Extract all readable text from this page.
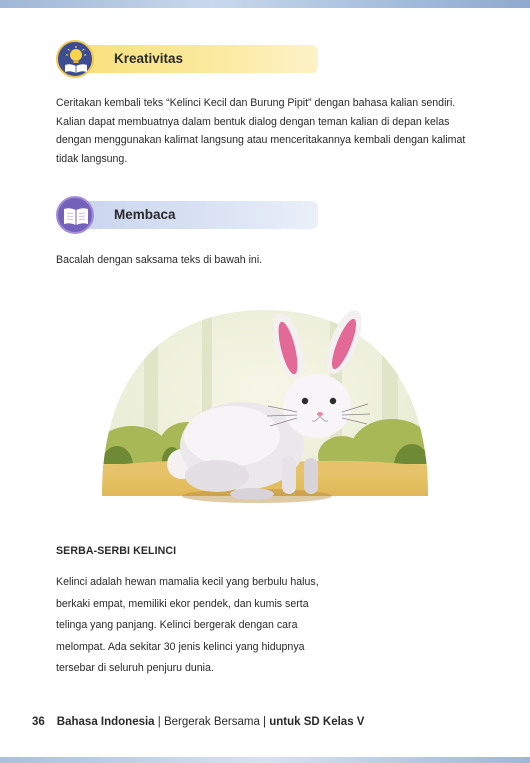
Kreativitas

Ceritakan kembali teks “Kelinci Kecil dan Burung Pipit” dengan bahasa kalian sendiri. Kalian dapat membuatnya dalam bentuk dialog dengan teman kalian di depan kelas dengan menggunakan kalimat langsung atau menceritakannya kembali dengan kalimat tidak langsung.

Membaca

Bacalah dengan saksama teks di bawah ini.

SERBA-SERBI KELINCI

Kelinci adalah hewan mamalia kecil yang berbulu halus, berkaki empat, memiliki ekor pendek, dan kumis serta telinga yang panjang. Kelinci bergerak dengan cara melompat. Ada sekitar 30 jenis kelinci yang hidupnya tersebar di seluruh penjuru dunia.

36 Bahasa Indonesia | Bergerak Bersama | untuk SD Kelas V
